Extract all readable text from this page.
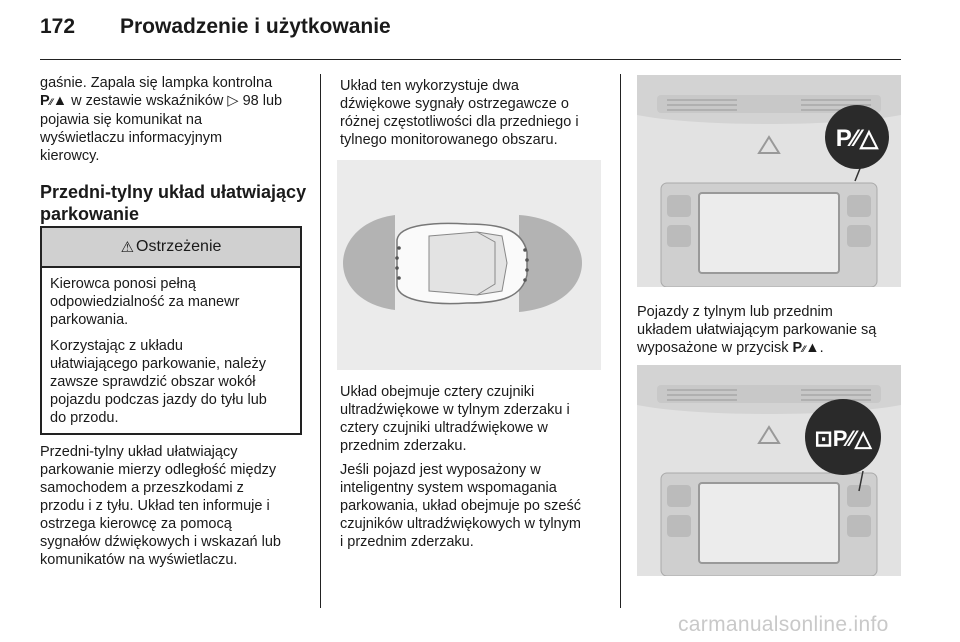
172 Prowadzenie i użytkowanie
gaśnie. Zapala się lampka kontrolna
P⁄⁄▲ w zestawie wskaźników ▷ 98 lub
pojawia się komunikat na
wyświetlaczu informacyjnym
kierowcy.
Przedni-tylny układ ułatwiający
parkowanie
⚠ Ostrzeżenie

Kierowca ponosi pełną
odpowiedzialność za manewr
parkowania.

Korzystając z układu
ułatwiającego parkowanie, należy
zawsze sprawdzić obszar wokół
pojazdu podczas jazdy do tyłu lub
do przodu.

Przedni-tylny układ ułatwiający
parkowanie mierzy odległość między
samochodem a przeszkodami z
przodu i z tyłu. Układ ten informuje i
ostrzega kierowcę za pomocą
sygnałów dźwiękowych i wskazań lub
komunikatów na wyświetlaczu.
Układ ten wykorzystuje dwa
dźwiękowe sygnały ostrzegawcze o
różnej częstotliwości dla przedniego i
tylnego monitorowanego obszaru.
Układ obejmuje cztery czujniki
ultradźwiękowe w tylnym zderzaku i
cztery czujniki ultradźwiękowe w
przednim zderzaku.
Jeśli pojazd jest wyposażony w
inteligentny system wspomagania
parkowania, układ obejmuje po sześć
czujników ultradźwiękowych w tylnym
i przednim zderzaku.
P⁄⁄△
Pojazdy z tylnym lub przednim
układem ułatwiającym parkowanie są
wyposażone w przycisk P⁄⁄▲.
⊡P⁄⁄△
carmanualsonline.info
